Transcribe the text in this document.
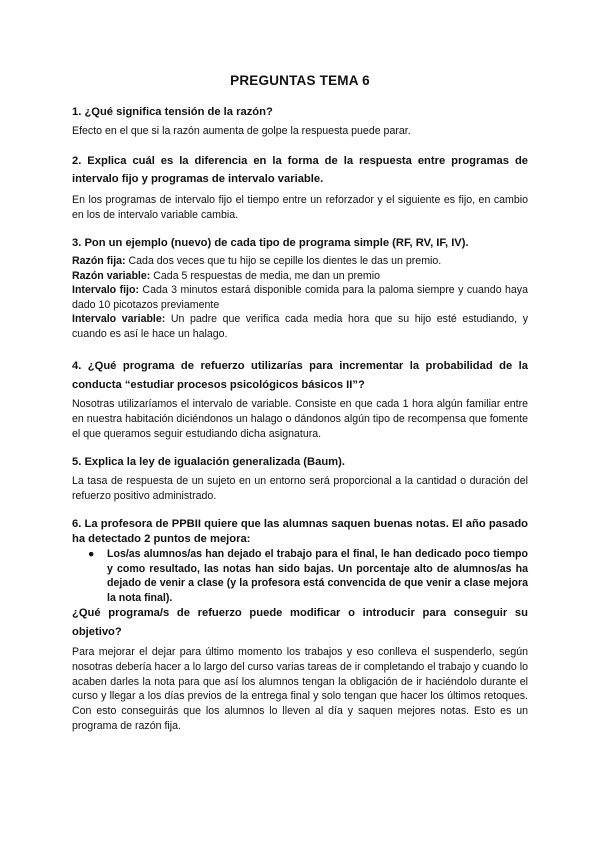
PREGUNTAS TEMA 6

1. ¿Qué significa tensión de la razón?

Efecto en el que si la razón aumenta de golpe la respuesta puede parar.

2. Explica cuál es la diferencia en la forma de la respuesta entre programas de intervalo fijo y programas de intervalo variable.

En los programas de intervalo fijo el tiempo entre un reforzador y el siguiente es fijo, en cambio en los de intervalo variable cambia.

3. Pon un ejemplo (nuevo) de cada tipo de programa simple (RF, RV, IF, IV).

Razón fija: Cada dos veces que tu hijo se cepille los dientes le das un premio.

Razón variable: Cada 5 respuestas de media, me dan un premio

Intervalo fijo: Cada 3 minutos estará disponible comida para la paloma siempre y cuando haya dado 10 picotazos previamente

Intervalo variable: Un padre que verifica cada media hora que su hijo esté estudiando, y cuando es así le hace un halago.

4. ¿Qué programa de refuerzo utilizarías para incrementar la probabilidad de la conducta “estudiar procesos psicológicos básicos II”?

Nosotras utilizaríamos el intervalo de variable. Consiste en que cada 1 hora algún familiar entre en nuestra habitación diciéndonos un halago o dándonos algún tipo de recompensa que fomente el que queramos seguir estudiando dicha asignatura.

5. Explica la ley de igualación generalizada (Baum).

La tasa de respuesta de un sujeto en un entorno será proporcional a la cantidad o duración del refuerzo positivo administrado.

6. La profesora de PPBII quiere que las alumnas saquen buenas notas. El año pasado ha detectado 2 puntos de mejora:

● Los/as alumnos/as han dejado el trabajo para el final, le han dedicado poco tiempo y como resultado, las notas han sido bajas. Un porcentaje alto de alumnos/as ha dejado de venir a clase (y la profesora está convencida de que venir a clase mejora la nota final).

¿Qué programa/s de refuerzo puede modificar o introducir para conseguir su objetivo?

Para mejorar el dejar para último momento los trabajos y eso conlleva el suspenderlo, según nosotras debería hacer a lo largo del curso varias tareas de ir completando el trabajo y cuando lo acaben darles la nota para que así los alumnos tengan la obligación de ir haciéndolo durante el curso y llegar a los días previos de la entrega final y solo tengan que hacer los últimos retoques. Con esto conseguirás que los alumnos lo lleven al día y saquen mejores notas. Esto es un programa de razón fija.
